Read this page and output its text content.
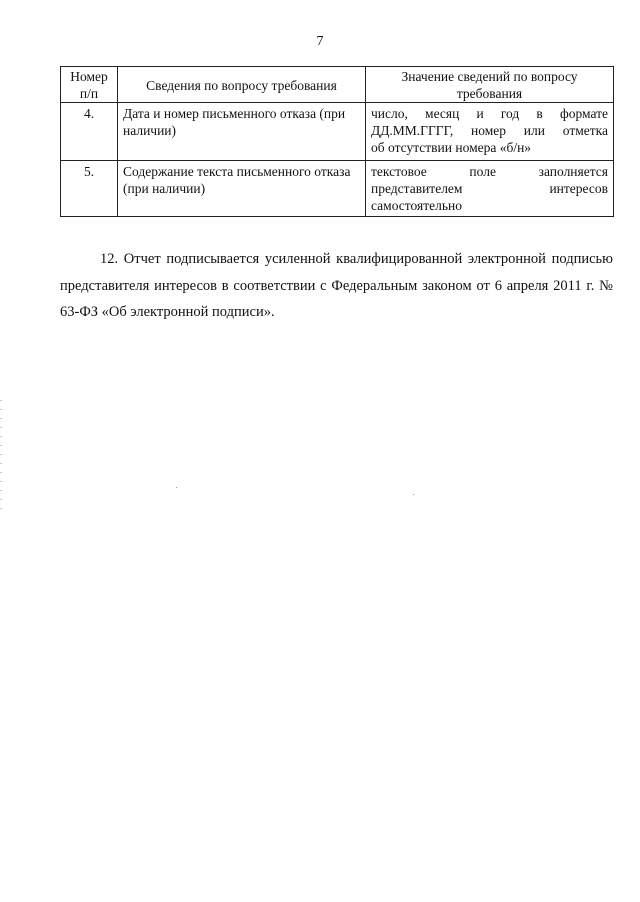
7
Номер п/п	Сведения по вопросу требования	Значение сведений по вопросу требования
4.	Дата и номер письменного отказа (при наличии)	число, месяц и год в формате ДД.ММ.ГГГГ, номер или отметка
об отсутствии номера «б/н»

5.	Содержание текста письменного отказа (при наличии)	текстовое поле заполняется представителем интересов
самостоятельно
12. Отчет подписывается усиленной квалифицированной электронной подписью представителя интересов в соответствии с Федеральным законом от 6 апреля 2011 г. № 63-ФЗ «Об электронной подписи».
